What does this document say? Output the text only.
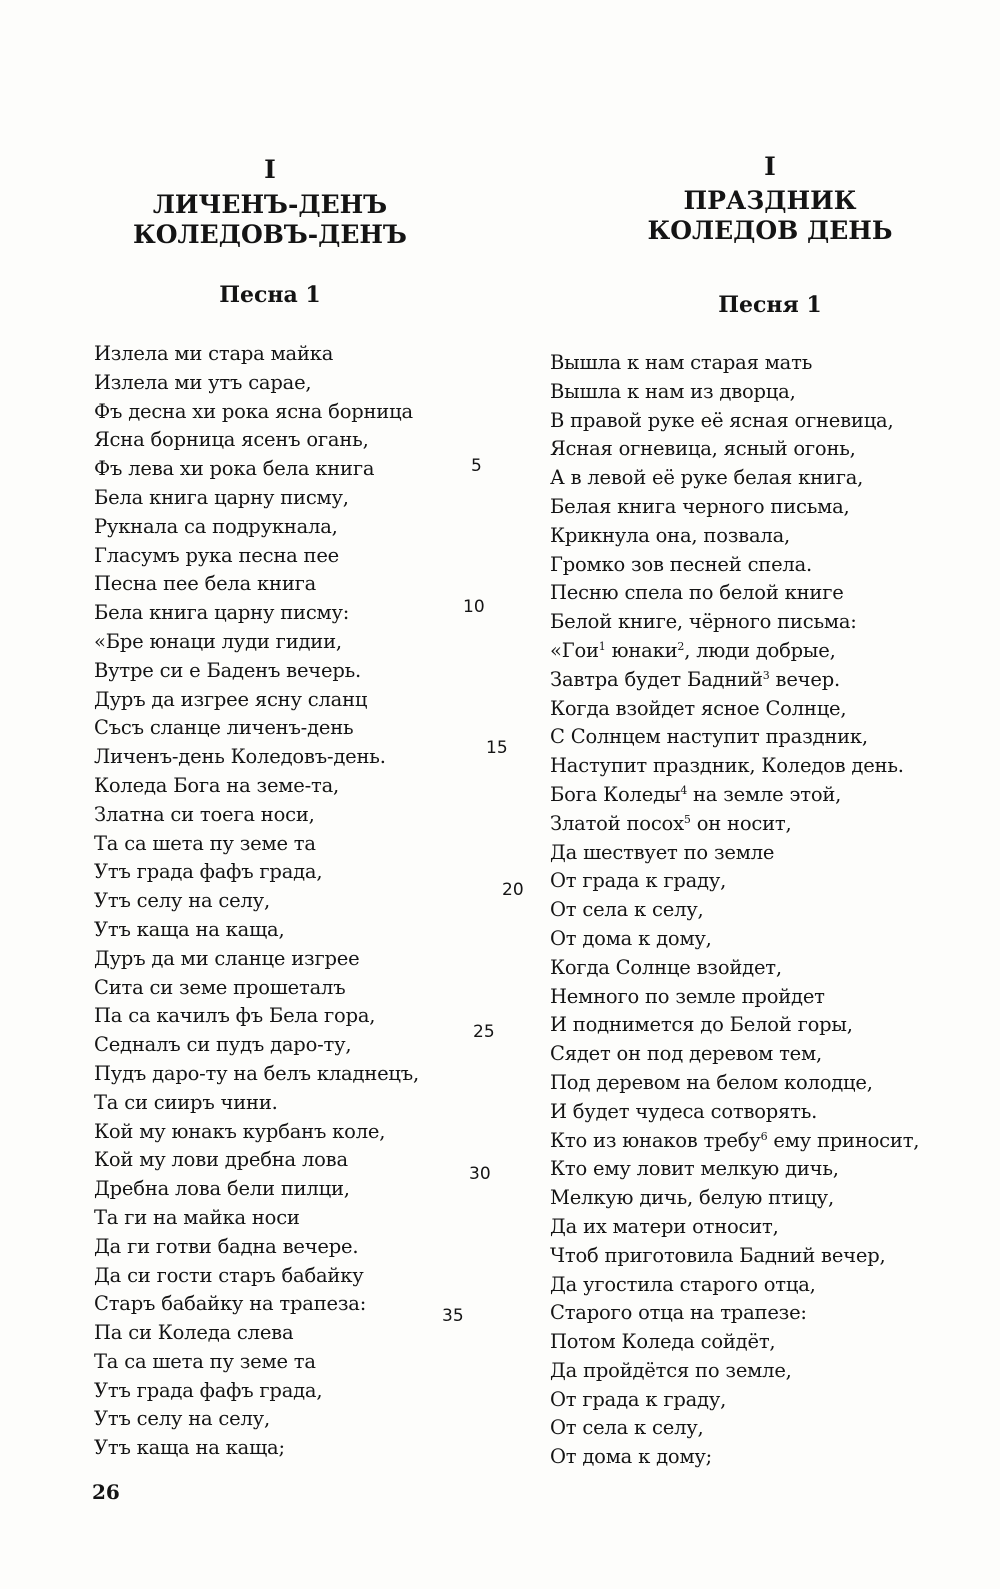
I
ЛИЧЕНЪ-ДЕНЪ
КОЛЕДОВЪ-ДЕНЪ
Песна 1
Излела ми стара майка
Излела ми утъ сарае,
Фъ десна хи рока ясна борница
Ясна борница ясенъ огань,
Фъ лева хи рока бела книга
Бела книга царну писму,
Рукнала са подрукнала,
Гласумъ рука песна пее
Песна пее бела книга
Бела книга царну писму:
«Бре юнаци луди гидии,
Вутре си е Баденъ вечерь.
Дуръ да изгрее ясну сланц
Съсъ сланце личенъ-день
Личенъ-день Коледовъ-день.
Коледа Бога на земе-та,
Златна си тоега носи,
Та са шета пу земе та
Утъ града фафъ града,
Утъ селу на селу,
Утъ каща на каща,
Дуръ да ми сланце изгрее
Сита си земе прошеталъ
Па са качилъ фъ Бела гора,
Седналъ си пудъ даро-ту,
Пудъ даро-ту на белъ кладнецъ,
Та си сииръ чини.
Кой му юнакъ курбанъ коле,
Кой му лови дребна лова
Дребна лова бели пилци,
Та ги на майка носи
Да ги готви бадна вечере.
Да си гости старъ бабайку
Старъ бабайку на трапеза:
Па си Коледа слева
Та са шета пу земе та
Утъ града фафъ града,
Утъ селу на селу,
Утъ каща на каща;
5
10
15
20
25
30
35
I
ПРАЗДНИК
КОЛЕДОВ ДЕНЬ
Песня 1
Вышла к нам старая мать
Вышла к нам из дворца,
В правой руке её ясная огневица,
Ясная огневица, ясный огонь,
А в левой её руке белая книга,
Белая книга черного письма,
Крикнула она, позвала,
Громко зов песней спела.
Песню спела по белой книге
Белой книге, чёрного письма:
«Гои$^1$ юнаки$^2$, люди добрые,
Завтра будет Бадний$^3$ вечер.
Когда взойдет ясное Солнце,
С Солнцем наступит праздник,
Наступит праздник, Коледов день.
Бога Коледы$^4$ на земле этой,
Златой посох$^5$ он носит,
Да шествует по земле
От града к граду,
От села к селу,
От дома к дому,
Когда Солнце взойдет,
Немного по земле пройдет
И поднимется до Белой горы,
Сядет он под деревом тем,
Под деревом на белом колодце,
И будет чудеса сотворять.
Кто из юнаков требу$^6$ ему приносит,
Кто ему ловит мелкую дичь,
Мелкую дичь, белую птицу,
Да их матери относит,
Чтоб приготовила Бадний вечер,
Да угостила старого отца,
Старого отца на трапезе:
Потом Коледа сойдёт,
Да пройдётся по земле,
От града к граду,
От села к селу,
От дома к дому;
26
